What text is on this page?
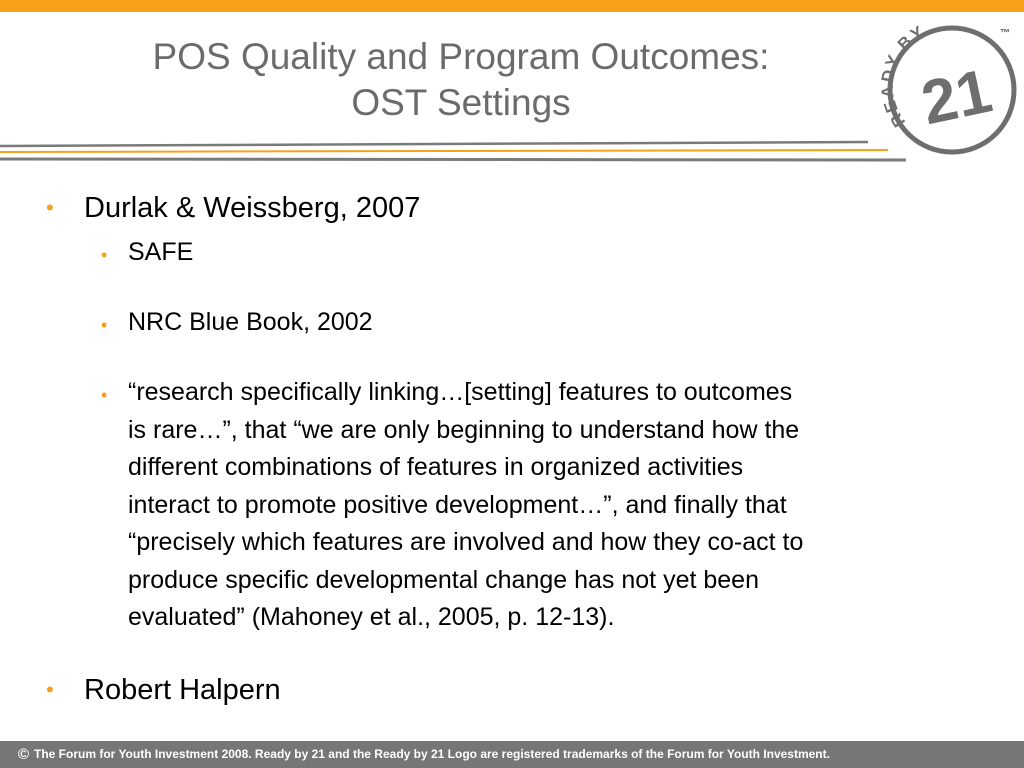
POS Quality and Program Outcomes:
OST Settings	READY BY
21
™
• Durlak & Weissberg, 2007
• SAFE
• NRC Blue Book, 2002
• “research specifically linking…[setting] features to outcomes
is rare…”, that “we are only beginning to understand how the
different combinations of features in organized activities
interact to promote positive development…”, and finally that
“precisely which features are involved and how they co-act to
produce specific developmental change has not yet been
evaluated” (Mahoney et al., 2005, p. 12-13).
• Robert Halpern
© The Forum for Youth Investment 2008. Ready by 21 and the Ready by 21 Logo are registered trademarks of the Forum for Youth Investment.
